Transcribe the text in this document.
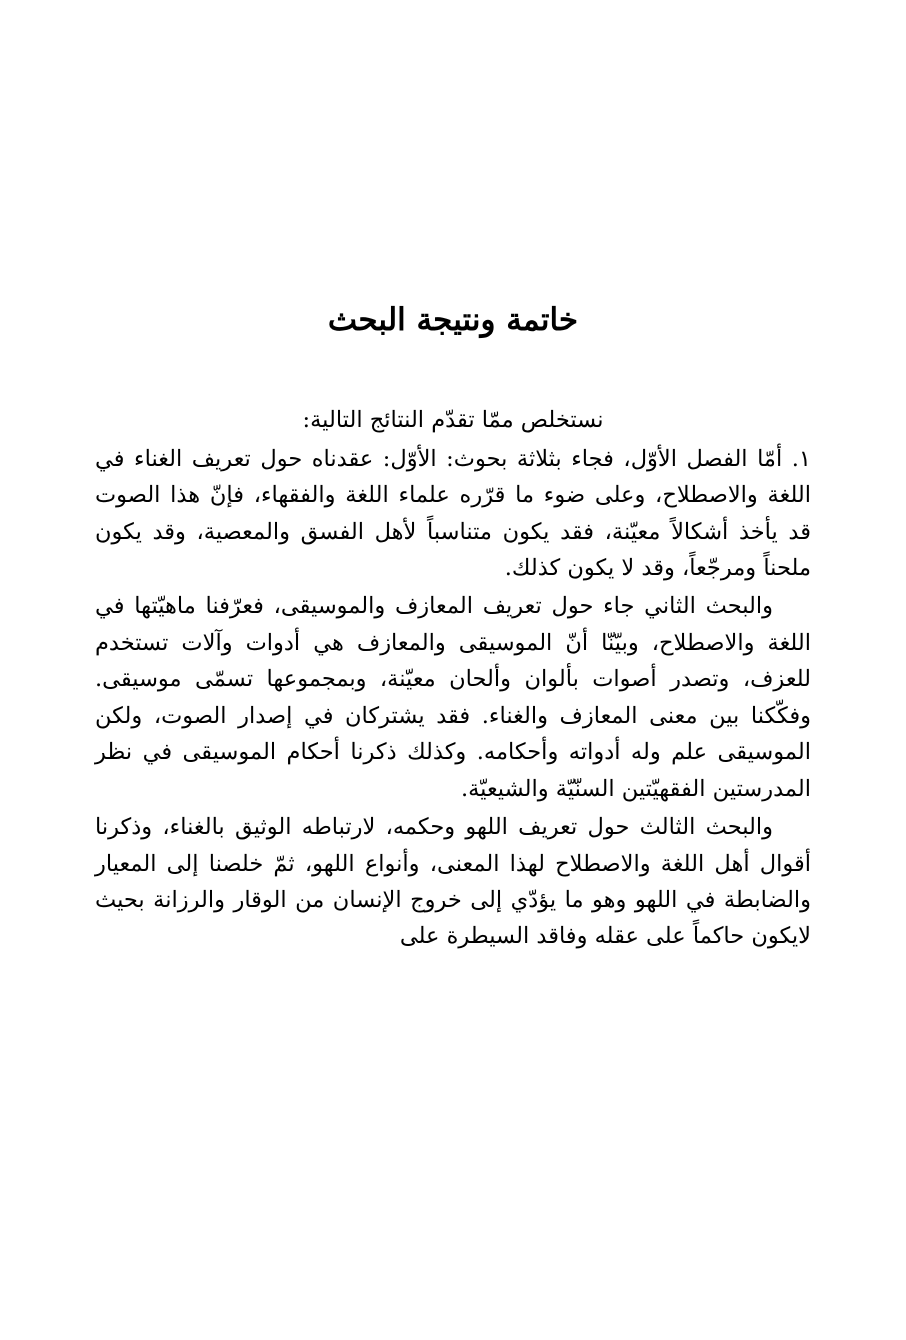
خاتمة ونتيجة البحث

نستخلص ممّا تقدّم النتائج التالية:

١. أمّا الفصل الأوّل، فجاء بثلاثة بحوث: الأوّل: عقدناه حول تعريف الغناء في اللغة والاصطلاح، وعلى ضوء ما قرّره علماء اللغة والفقهاء، فإنّ هذا الصوت قد يأخذ أشكالاً معيّنة، فقد يكون متناسباً لأهل الفسق والمعصية، وقد يكون ملحناً ومرجّعاً، وقد لا يكون كذلك.

والبحث الثاني جاء حول تعريف المعازف والموسيقى، فعرّفنا ماهيّتها في اللغة والاصطلاح، وبيّنّا أنّ الموسيقى والمعازف هي أدوات وآلات تستخدم للعزف، وتصدر أصوات بألوان وألحان معيّنة، وبمجموعها تسمّى موسيقى. وفكّكنا بين معنى المعازف والغناء. فقد يشتركان في إصدار الصوت، ولكن الموسيقى علم وله أدواته وأحكامه. وكذلك ذكرنا أحكام الموسيقى في نظر المدرستين الفقهيّتين السنّيّة والشيعيّة.

والبحث الثالث حول تعريف اللهو وحكمه، لارتباطه الوثيق بالغناء، وذكرنا أقوال أهل اللغة والاصطلاح لهذا المعنى، وأنواع اللهو، ثمّ خلصنا إلى المعيار والضابطة في اللهو وهو ما يؤدّي إلى خروج الإنسان من الوقار والرزانة بحيث لايكون حاكماً على عقله وفاقد السيطرة على
